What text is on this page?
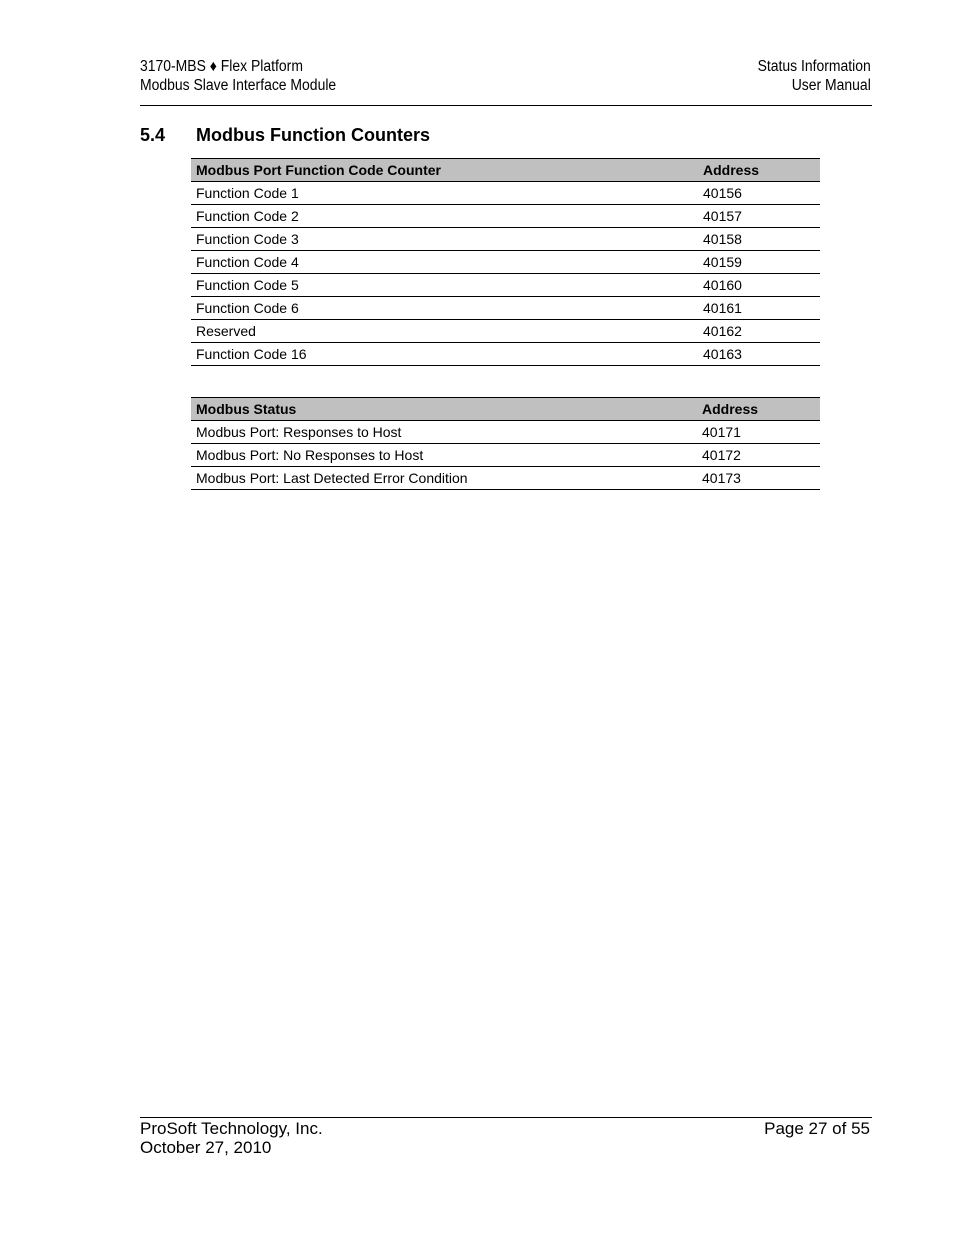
3170-MBS ♦ Flex Platform
Modbus Slave Interface Module
Status Information
User Manual
5.4 Modbus Function Counters
Modbus Port Function Code Counter	Address
Function Code 1	40156
Function Code 2	40157
Function Code 3	40158
Function Code 4	40159
Function Code 5	40160
Function Code 6	40161
Reserved	40162
Function Code 16	40163
Modbus Status	Address
Modbus Port: Responses to Host	40171
Modbus Port: No Responses to Host	40172
Modbus Port: Last Detected Error Condition	40173
ProSoft Technology, Inc.
October 27, 2010
Page 27 of 55
